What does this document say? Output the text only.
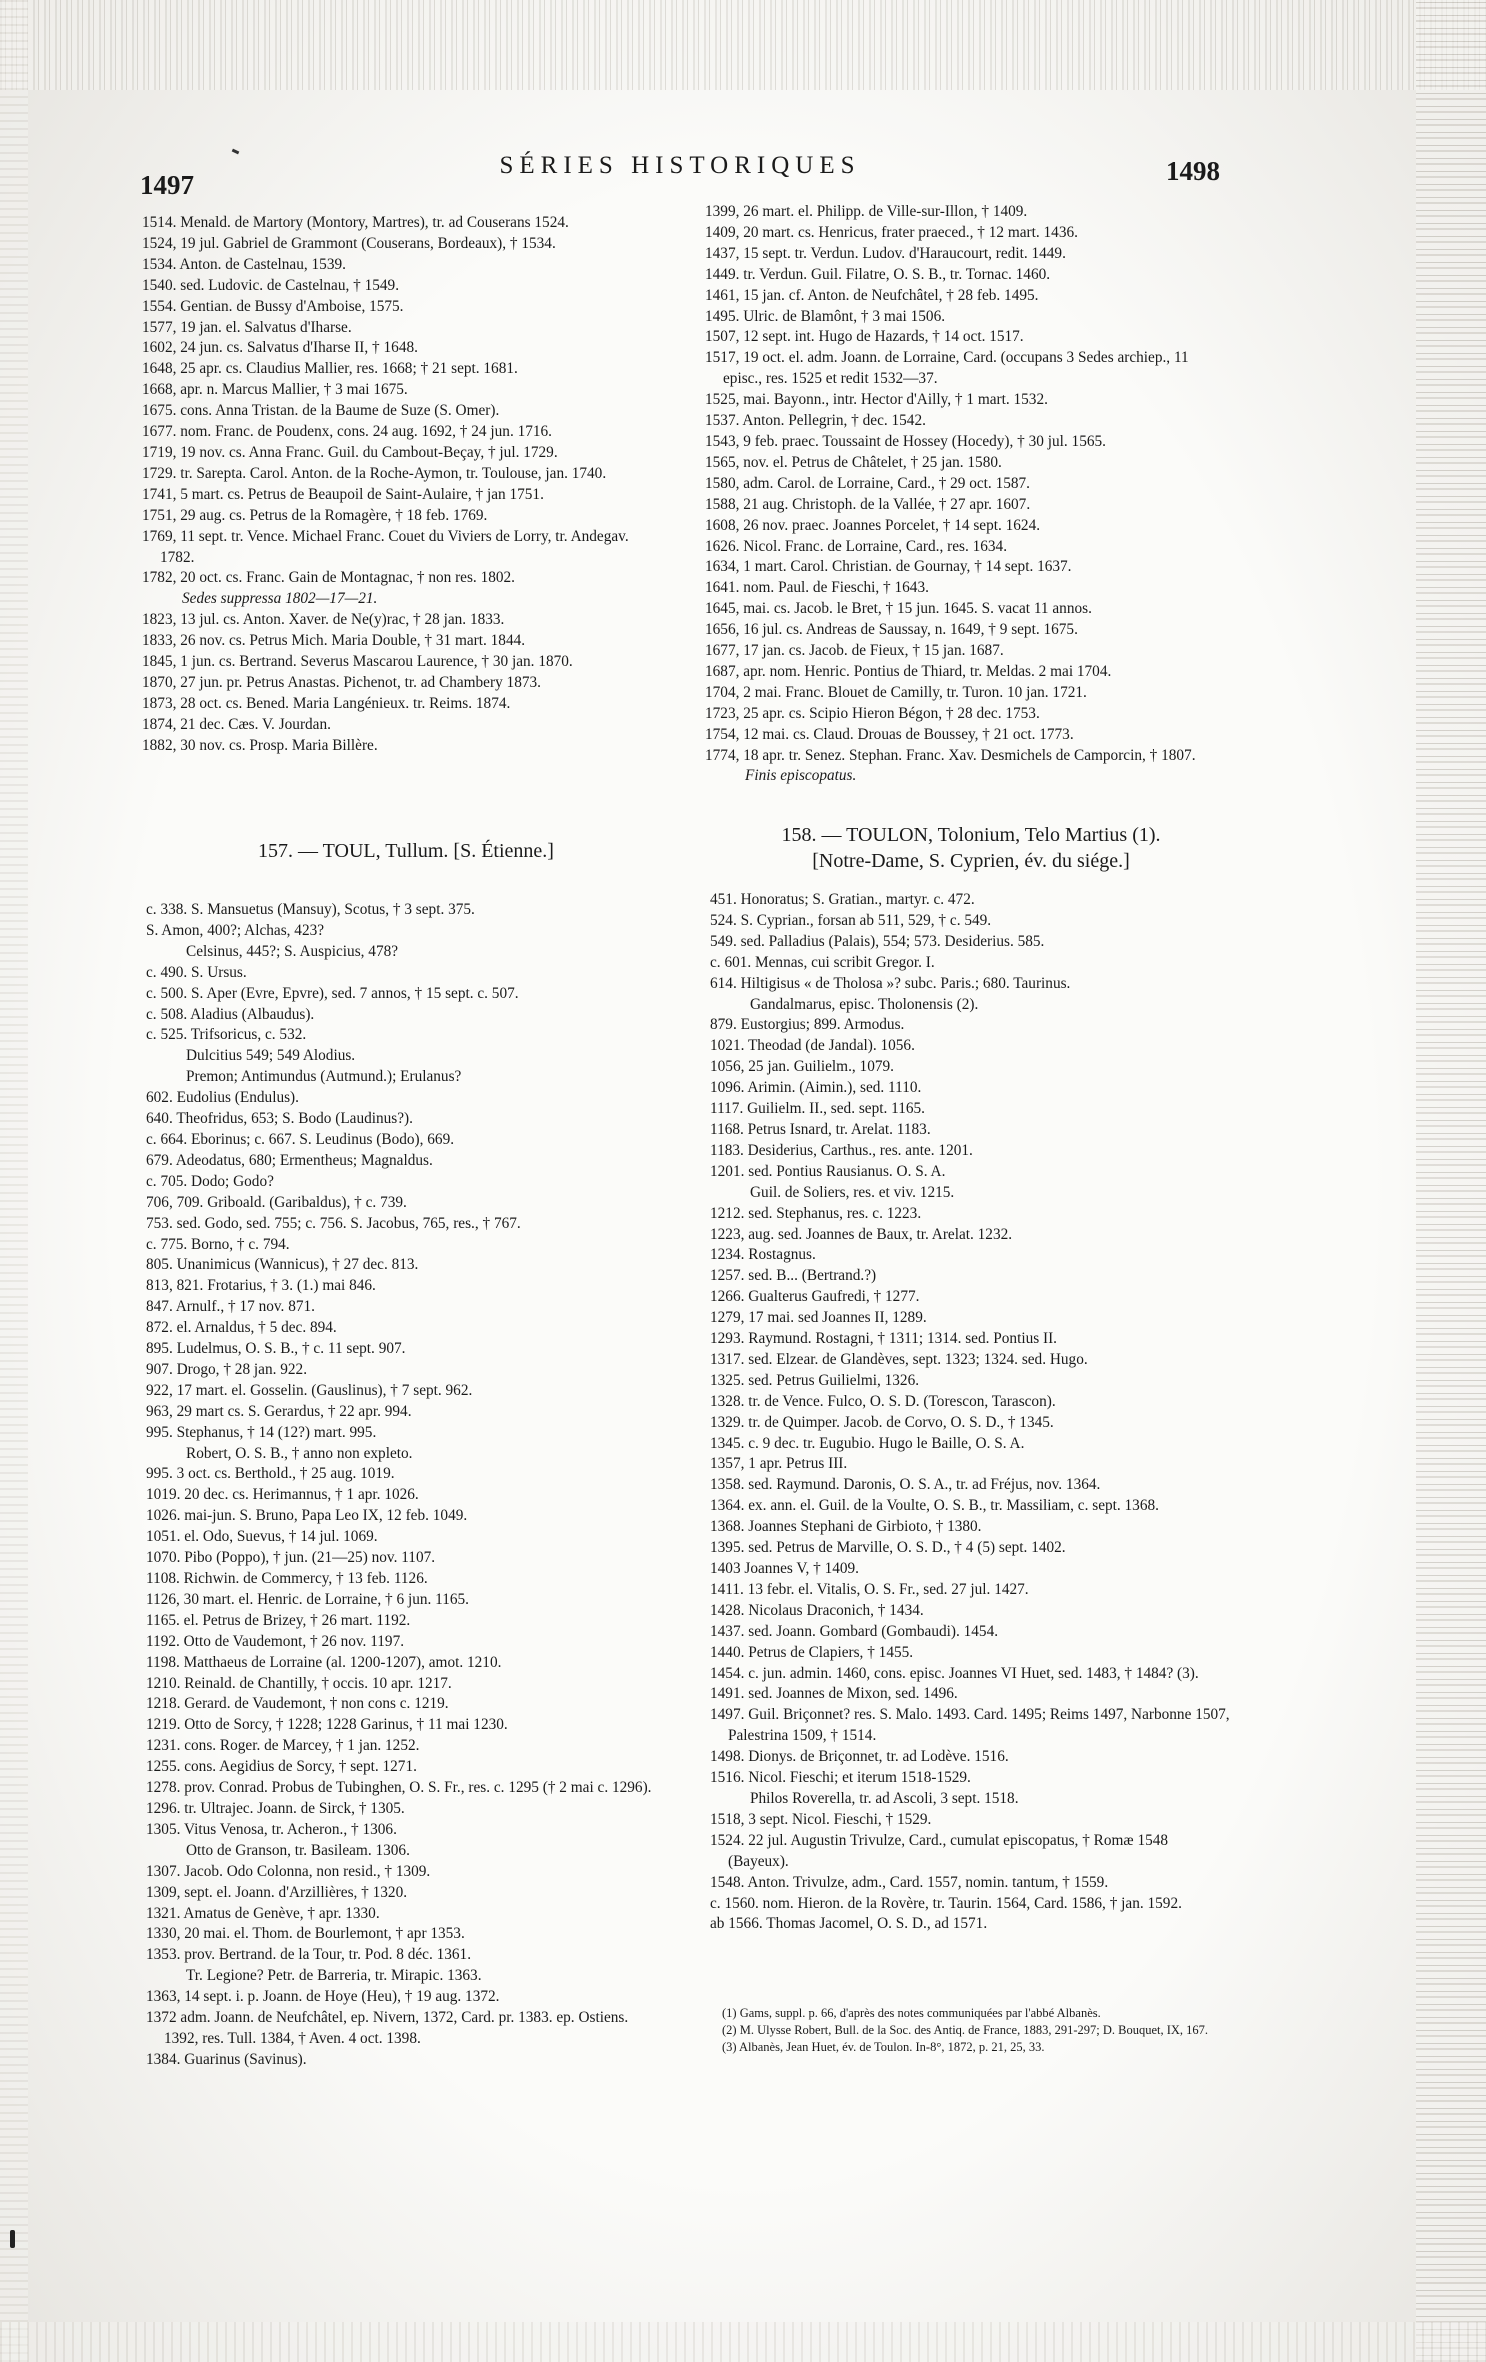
1497
SÉRIES HISTORIQUES	1498
1514. Menald. de Martory (Montory, Martres), tr. ad Couserans 1524.
1524, 19 jul. Gabriel de Grammont (Couserans, Bordeaux), † 1534.
1534. Anton. de Castelnau, 1539.
1540. sed. Ludovic. de Castelnau, † 1549.
1554. Gentian. de Bussy d'Amboise, 1575.
1577, 19 jan. el. Salvatus d'Iharse.
1602, 24 jun. cs. Salvatus d'Iharse II, † 1648.
1648, 25 apr. cs. Claudius Mallier, res. 1668; † 21 sept. 1681.
1668, apr. n. Marcus Mallier, † 3 mai 1675.
1675. cons. Anna Tristan. de la Baume de Suze (S. Omer).
1677. nom. Franc. de Poudenx, cons. 24 aug. 1692, † 24 jun. 1716.
1719, 19 nov. cs. Anna Franc. Guil. du Cambout-Beçay, † jul. 1729.
1729. tr. Sarepta. Carol. Anton. de la Roche-Aymon, tr. Toulouse, jan. 1740.
1741, 5 mart. cs. Petrus de Beaupoil de Saint-Aulaire, † jan 1751.
1751, 29 aug. cs. Petrus de la Romagère, † 18 feb. 1769.
1769, 11 sept. tr. Vence. Michael Franc. Couet du Viviers de Lorry, tr. Andegav. 1782.
1782, 20 oct. cs. Franc. Gain de Montagnac, † non res. 1802.
Sedes suppressa 1802—17—21.
1823, 13 jul. cs. Anton. Xaver. de Ne(y)rac, † 28 jan. 1833.
1833, 26 nov. cs. Petrus Mich. Maria Double, † 31 mart. 1844.
1845, 1 jun. cs. Bertrand. Severus Mascarou Laurence, † 30 jan. 1870.
1870, 27 jun. pr. Petrus Anastas. Pichenot, tr. ad Chambery 1873.
1873, 28 oct. cs. Bened. Maria Langénieux. tr. Reims. 1874.
1874, 21 dec. Cæs. V. Jourdan.
1882, 30 nov. cs. Prosp. Maria Billère.
1399, 26 mart. el. Philipp. de Ville-sur-Illon, † 1409.
1409, 20 mart. cs. Henricus, frater praeced., † 12 mart. 1436.
1437, 15 sept. tr. Verdun. Ludov. d'Haraucourt, redit. 1449.
1449. tr. Verdun. Guil. Filatre, O. S. B., tr. Tornac. 1460.
1461, 15 jan. cf. Anton. de Neufchâtel, † 28 feb. 1495.
1495. Ulric. de Blamônt, † 3 mai 1506.
1507, 12 sept. int. Hugo de Hazards, † 14 oct. 1517.
1517, 19 oct. el. adm. Joann. de Lorraine, Card. (occupans 3 Sedes archiep., 11 episc., res. 1525 et redit 1532—37.
1525, mai. Bayonn., intr. Hector d'Ailly, † 1 mart. 1532.
1537. Anton. Pellegrin, † dec. 1542.
1543, 9 feb. praec. Toussaint de Hossey (Hocedy), † 30 jul. 1565.
1565, nov. el. Petrus de Châtelet, † 25 jan. 1580.
1580, adm. Carol. de Lorraine, Card., † 29 oct. 1587.
1588, 21 aug. Christoph. de la Vallée, † 27 apr. 1607.
1608, 26 nov. praec. Joannes Porcelet, † 14 sept. 1624.
1626. Nicol. Franc. de Lorraine, Card., res. 1634.
1634, 1 mart. Carol. Christian. de Gournay, † 14 sept. 1637.
1641. nom. Paul. de Fieschi, † 1643.
1645, mai. cs. Jacob. le Bret, † 15 jun. 1645. S. vacat 11 annos.
1656, 16 jul. cs. Andreas de Saussay, n. 1649, † 9 sept. 1675.
1677, 17 jan. cs. Jacob. de Fieux, † 15 jan. 1687.
1687, apr. nom. Henric. Pontius de Thiard, tr. Meldas. 2 mai 1704.
1704, 2 mai. Franc. Blouet de Camilly, tr. Turon. 10 jan. 1721.
1723, 25 apr. cs. Scipio Hieron Bégon, † 28 dec. 1753.
1754, 12 mai. cs. Claud. Drouas de Boussey, † 21 oct. 1773.
1774, 18 apr. tr. Senez. Stephan. Franc. Xav. Desmichels de Camporcin, † 1807.
Finis episcopatus.

157. — TOUL, Tullum. [S. Étienne.]

158. — TOULON, Tolonium, Telo Martius (1).

[Notre-Dame, S. Cyprien, év. du siége.]

c. 338. S. Mansuetus (Mansuy), Scotus, † 3 sept. 375.
S. Amon, 400?; Alchas, 423?
Celsinus, 445?; S. Auspicius, 478?
c. 490. S. Ursus.
c. 500. S. Aper (Evre, Epvre), sed. 7 annos, † 15 sept. c. 507.
c. 508. Aladius (Albaudus).
c. 525. Trifsoricus, c. 532.
Dulcitius 549; 549 Alodius.
Premon; Antimundus (Autmund.); Erulanus?
602. Eudolius (Endulus).
640. Theofridus, 653; S. Bodo (Laudinus?).
c. 664. Eborinus; c. 667. S. Leudinus (Bodo), 669.
679. Adeodatus, 680; Ermentheus; Magnaldus.
c. 705. Dodo; Godo?
706, 709. Griboald. (Garibaldus), † c. 739.
753. sed. Godo, sed. 755; c. 756. S. Jacobus, 765, res., † 767.
c. 775. Borno, † c. 794.
805. Unanimicus (Wannicus), † 27 dec. 813.
813, 821. Frotarius, † 3. (1.) mai 846.
847. Arnulf., † 17 nov. 871.
872. el. Arnaldus, † 5 dec. 894.
895. Ludelmus, O. S. B., † c. 11 sept. 907.
907. Drogo, † 28 jan. 922.
922, 17 mart. el. Gosselin. (Gauslinus), † 7 sept. 962.
963, 29 mart cs. S. Gerardus, † 22 apr. 994.
995. Stephanus, † 14 (12?) mart. 995.
Robert, O. S. B., † anno non expleto.
995. 3 oct. cs. Berthold., † 25 aug. 1019.
1019. 20 dec. cs. Herimannus, † 1 apr. 1026.
1026. mai-jun. S. Bruno, Papa Leo IX, 12 feb. 1049.
1051. el. Odo, Suevus, † 14 jul. 1069.
1070. Pibo (Poppo), † jun. (21—25) nov. 1107.
1108. Richwin. de Commercy, † 13 feb. 1126.
1126, 30 mart. el. Henric. de Lorraine, † 6 jun. 1165.
1165. el. Petrus de Brizey, † 26 mart. 1192.
1192. Otto de Vaudemont, † 26 nov. 1197.
1198. Matthaeus de Lorraine (al. 1200-1207), amot. 1210.
1210. Reinald. de Chantilly, † occis. 10 apr. 1217.
1218. Gerard. de Vaudemont, † non cons c. 1219.
1219. Otto de Sorcy, † 1228; 1228 Garinus, † 11 mai 1230.
1231. cons. Roger. de Marcey, † 1 jan. 1252.
1255. cons. Aegidius de Sorcy, † sept. 1271.
1278. prov. Conrad. Probus de Tubinghen, O. S. Fr., res. c. 1295 († 2 mai c. 1296).
1296. tr. Ultrajec. Joann. de Sirck, † 1305.
1305. Vitus Venosa, tr. Acheron., † 1306.
Otto de Granson, tr. Basileam. 1306.
1307. Jacob. Odo Colonna, non resid., † 1309.
1309, sept. el. Joann. d'Arzillières, † 1320.
1321. Amatus de Genève, † apr. 1330.
1330, 20 mai. el. Thom. de Bourlemont, † apr 1353.
1353. prov. Bertrand. de la Tour, tr. Pod. 8 déc. 1361.
Tr. Legione? Petr. de Barreria, tr. Mirapic. 1363.
1363, 14 sept. i. p. Joann. de Hoye (Heu), † 19 aug. 1372.
1372 adm. Joann. de Neufchâtel, ep. Nivern, 1372, Card. pr. 1383. ep. Ostiens. 1392, res. Tull. 1384, † Aven. 4 oct. 1398.
1384. Guarinus (Savinus).
451. Honoratus; S. Gratian., martyr. c. 472.
524. S. Cyprian., forsan ab 511, 529, † c. 549.
549. sed. Palladius (Palais), 554; 573. Desiderius. 585.
c. 601. Mennas, cui scribit Gregor. I.
614. Hiltigisus « de Tholosa »? subc. Paris.; 680. Taurinus.
Gandalmarus, episc. Tholonensis (2).
879. Eustorgius; 899. Armodus.
1021. Theodad (de Jandal). 1056.
1056, 25 jan. Guilielm., 1079.
1096. Arimin. (Aimin.), sed. 1110.
1117. Guilielm. II., sed. sept. 1165.
1168. Petrus Isnard, tr. Arelat. 1183.
1183. Desiderius, Carthus., res. ante. 1201.
1201. sed. Pontius Rausianus. O. S. A.
Guil. de Soliers, res. et viv. 1215.
1212. sed. Stephanus, res. c. 1223.
1223, aug. sed. Joannes de Baux, tr. Arelat. 1232.
1234. Rostagnus.
1257. sed. B... (Bertrand.?)
1266. Gualterus Gaufredi, † 1277.
1279, 17 mai. sed Joannes II, 1289.
1293. Raymund. Rostagni, † 1311; 1314. sed. Pontius II.
1317. sed. Elzear. de Glandèves, sept. 1323; 1324. sed. Hugo.
1325. sed. Petrus Guilielmi, 1326.
1328. tr. de Vence. Fulco, O. S. D. (Torescon, Tarascon).
1329. tr. de Quimper. Jacob. de Corvo, O. S. D., † 1345.
1345. c. 9 dec. tr. Eugubio. Hugo le Baille, O. S. A.
1357, 1 apr. Petrus III.
1358. sed. Raymund. Daronis, O. S. A., tr. ad Fréjus, nov. 1364.
1364. ex. ann. el. Guil. de la Voulte, O. S. B., tr. Massiliam, c. sept. 1368.
1368. Joannes Stephani de Girbioto, † 1380.
1395. sed. Petrus de Marville, O. S. D., † 4 (5) sept. 1402.
1403 Joannes V, † 1409.
1411. 13 febr. el. Vitalis, O. S. Fr., sed. 27 jul. 1427.
1428. Nicolaus Draconich, † 1434.
1437. sed. Joann. Gombard (Gombaudi). 1454.
1440. Petrus de Clapiers, † 1455.
1454. c. jun. admin. 1460, cons. episc. Joannes VI Huet, sed. 1483, † 1484? (3).
1491. sed. Joannes de Mixon, sed. 1496.
1497. Guil. Briçonnet? res. S. Malo. 1493. Card. 1495; Reims 1497, Narbonne 1507, Palestrina 1509, † 1514.
1498. Dionys. de Briçonnet, tr. ad Lodève. 1516.
1516. Nicol. Fieschi; et iterum 1518-1529.
Philos Roverella, tr. ad Ascoli, 3 sept. 1518.
1518, 3 sept. Nicol. Fieschi, † 1529.
1524. 22 jul. Augustin Trivulze, Card., cumulat episcopatus, † Romæ 1548 (Bayeux).
1548. Anton. Trivulze, adm., Card. 1557, nomin. tantum, † 1559.
c. 1560. nom. Hieron. de la Rovère, tr. Taurin. 1564, Card. 1586, † jan. 1592.
ab 1566. Thomas Jacomel, O. S. D., ad 1571.
(1) Gams, suppl. p. 66, d'après des notes communiquées par l'abbé Albanès.
(2) M. Ulysse Robert, Bull. de la Soc. des Antiq. de France, 1883, 291-297; D. Bouquet, IX, 167.
(3) Albanès, Jean Huet, év. de Toulon. In-8°, 1872, p. 21, 25, 33.
